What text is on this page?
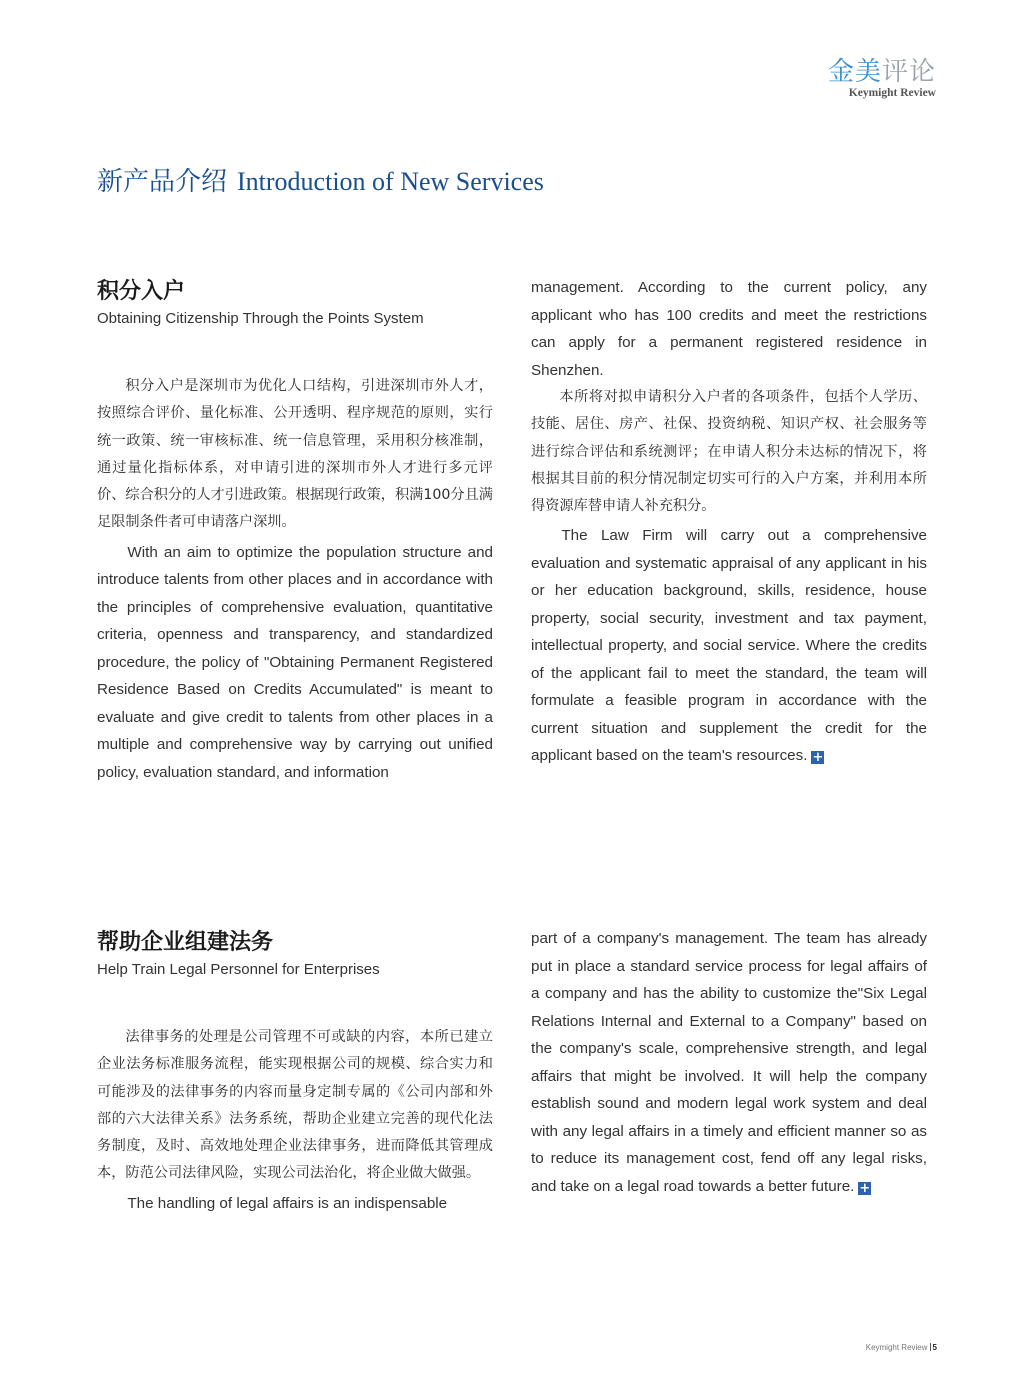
金美评论
Keymight Review
新产品介绍 Introduction of New Services
积分入户
Obtaining Citizenship Through the Points System

积分入户是深圳市为优化人口结构，引进深圳市外人才，按照综合评价、量化标准、公开透明、程序规范的原则，实行统一政策、统一审核标准、统一信息管理，采用积分核准制，通过量化指标体系，对申请引进的深圳市外人才进行多元评价、综合积分的人才引进政策。根据现行政策，积满100分且满足限制条件者可申请落户深圳。

With an aim to optimize the population structure and introduce talents from other places and in accordance with the principles of comprehensive evaluation, quantitative criteria, openness and transparency, and standardized procedure, the policy of "Obtaining Permanent Registered Residence Based on Credits Accumulated" is meant to evaluate and give credit to talents from other places in a multiple and comprehensive way by carrying out unified policy, evaluation standard, and information

management. According to the current policy, any applicant who has 100 credits and meet the restrictions can apply for a permanent registered residence in Shenzhen.

本所将对拟申请积分入户者的各项条件，包括个人学历、技能、居住、房产、社保、投资纳税、知识产权、社会服务等进行综合评估和系统测评；在申请人积分未达标的情况下，将根据其目前的积分情况制定切实可行的入户方案，并利用本所得资源库替申请人补充积分。

The Law Firm will carry out a comprehensive evaluation and systematic appraisal of any applicant in his or her education background, skills, residence, house property, social security, investment and tax payment, intellectual property, and social service. Where the credits of the applicant fail to meet the standard, the team will formulate a feasible program in accordance with the current situation and supplement the credit for the applicant based on the team's resources. +

帮助企业组建法务
Help Train Legal Personnel for Enterprises

法律事务的处理是公司管理不可或缺的内容，本所已建立企业法务标准服务流程，能实现根据公司的规模、综合实力和可能涉及的法律事务的内容而量身定制专属的《公司内部和外部的六大法律关系》法务系统，帮助企业建立完善的现代化法务制度，及时、高效地处理企业法律事务，进而降低其管理成本，防范公司法律风险，实现公司法治化，将企业做大做强。

The handling of legal affairs is an indispensable

part of a company's management. The team has already put in place a standard service process for legal affairs of a company and has the ability to customize the"Six Legal Relations Internal and External to a Company" based on the company's scale, comprehensive strength, and legal affairs that might be involved. It will help the company establish sound and modern legal work system and deal with any legal affairs in a timely and efficient manner so as to reduce its management cost, fend off any legal risks, and take on a legal road towards a better future. +

Keymight Review 5
